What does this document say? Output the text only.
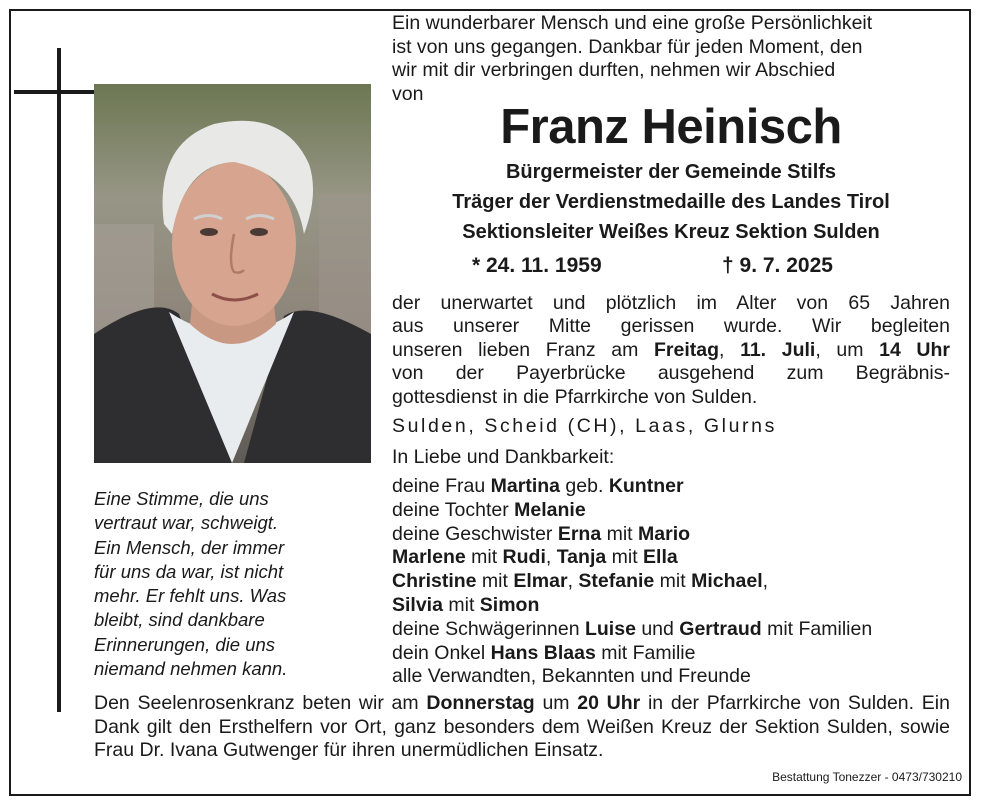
Eine Stimme, die uns
vertraut war, schweigt.
Ein Mensch, der immer
für uns da war, ist nicht
mehr. Er fehlt uns. Was
bleibt, sind dankbare
Erinnerungen, die uns
niemand nehmen kann.
Ein wunderbarer Mensch und eine große Persönlichkeit
ist von uns gegangen. Dankbar für jeden Moment, den
wir mit dir verbringen durften, nehmen wir Abschied
von
Franz Heinisch
Bürgermeister der Gemeinde Stilfs
Träger der Verdienstmedaille des Landes Tirol
Sektionsleiter Weißes Kreuz Sektion Sulden
* 24. 11. 1959	† 9. 7. 2025
der unerwartet und plötzlich im Alter von 65 Jahren
aus unserer Mitte gerissen wurde. Wir begleiten
unseren lieben Franz am Freitag, 11. Juli, um 14 Uhr
von der Payerbrücke ausgehend zum Begräbnis-
gottesdienst in die Pfarrkirche von Sulden.
Sulden, Scheid (CH), Laas, Glurns
In Liebe und Dankbarkeit:
deine Frau Martina geb. Kuntner
deine Tochter Melanie
deine Geschwister Erna mit Mario
Marlene mit Rudi, Tanja mit Ella
Christine mit Elmar, Stefanie mit Michael,
Silvia mit Simon
deine Schwägerinnen Luise und Gertraud mit Familien
dein Onkel Hans Blaas mit Familie
alle Verwandten, Bekannten und Freunde
Den Seelenrosenkranz beten wir am Donnerstag um 20 Uhr in der Pfarrkirche von Sulden. Ein Dank gilt den Ersthelfern vor Ort, ganz besonders dem Weißen Kreuz der Sektion Sulden, sowie Frau Dr. Ivana Gutwenger für ihren unermüdlichen Einsatz.
Bestattung Tonezzer - 0473/730210
